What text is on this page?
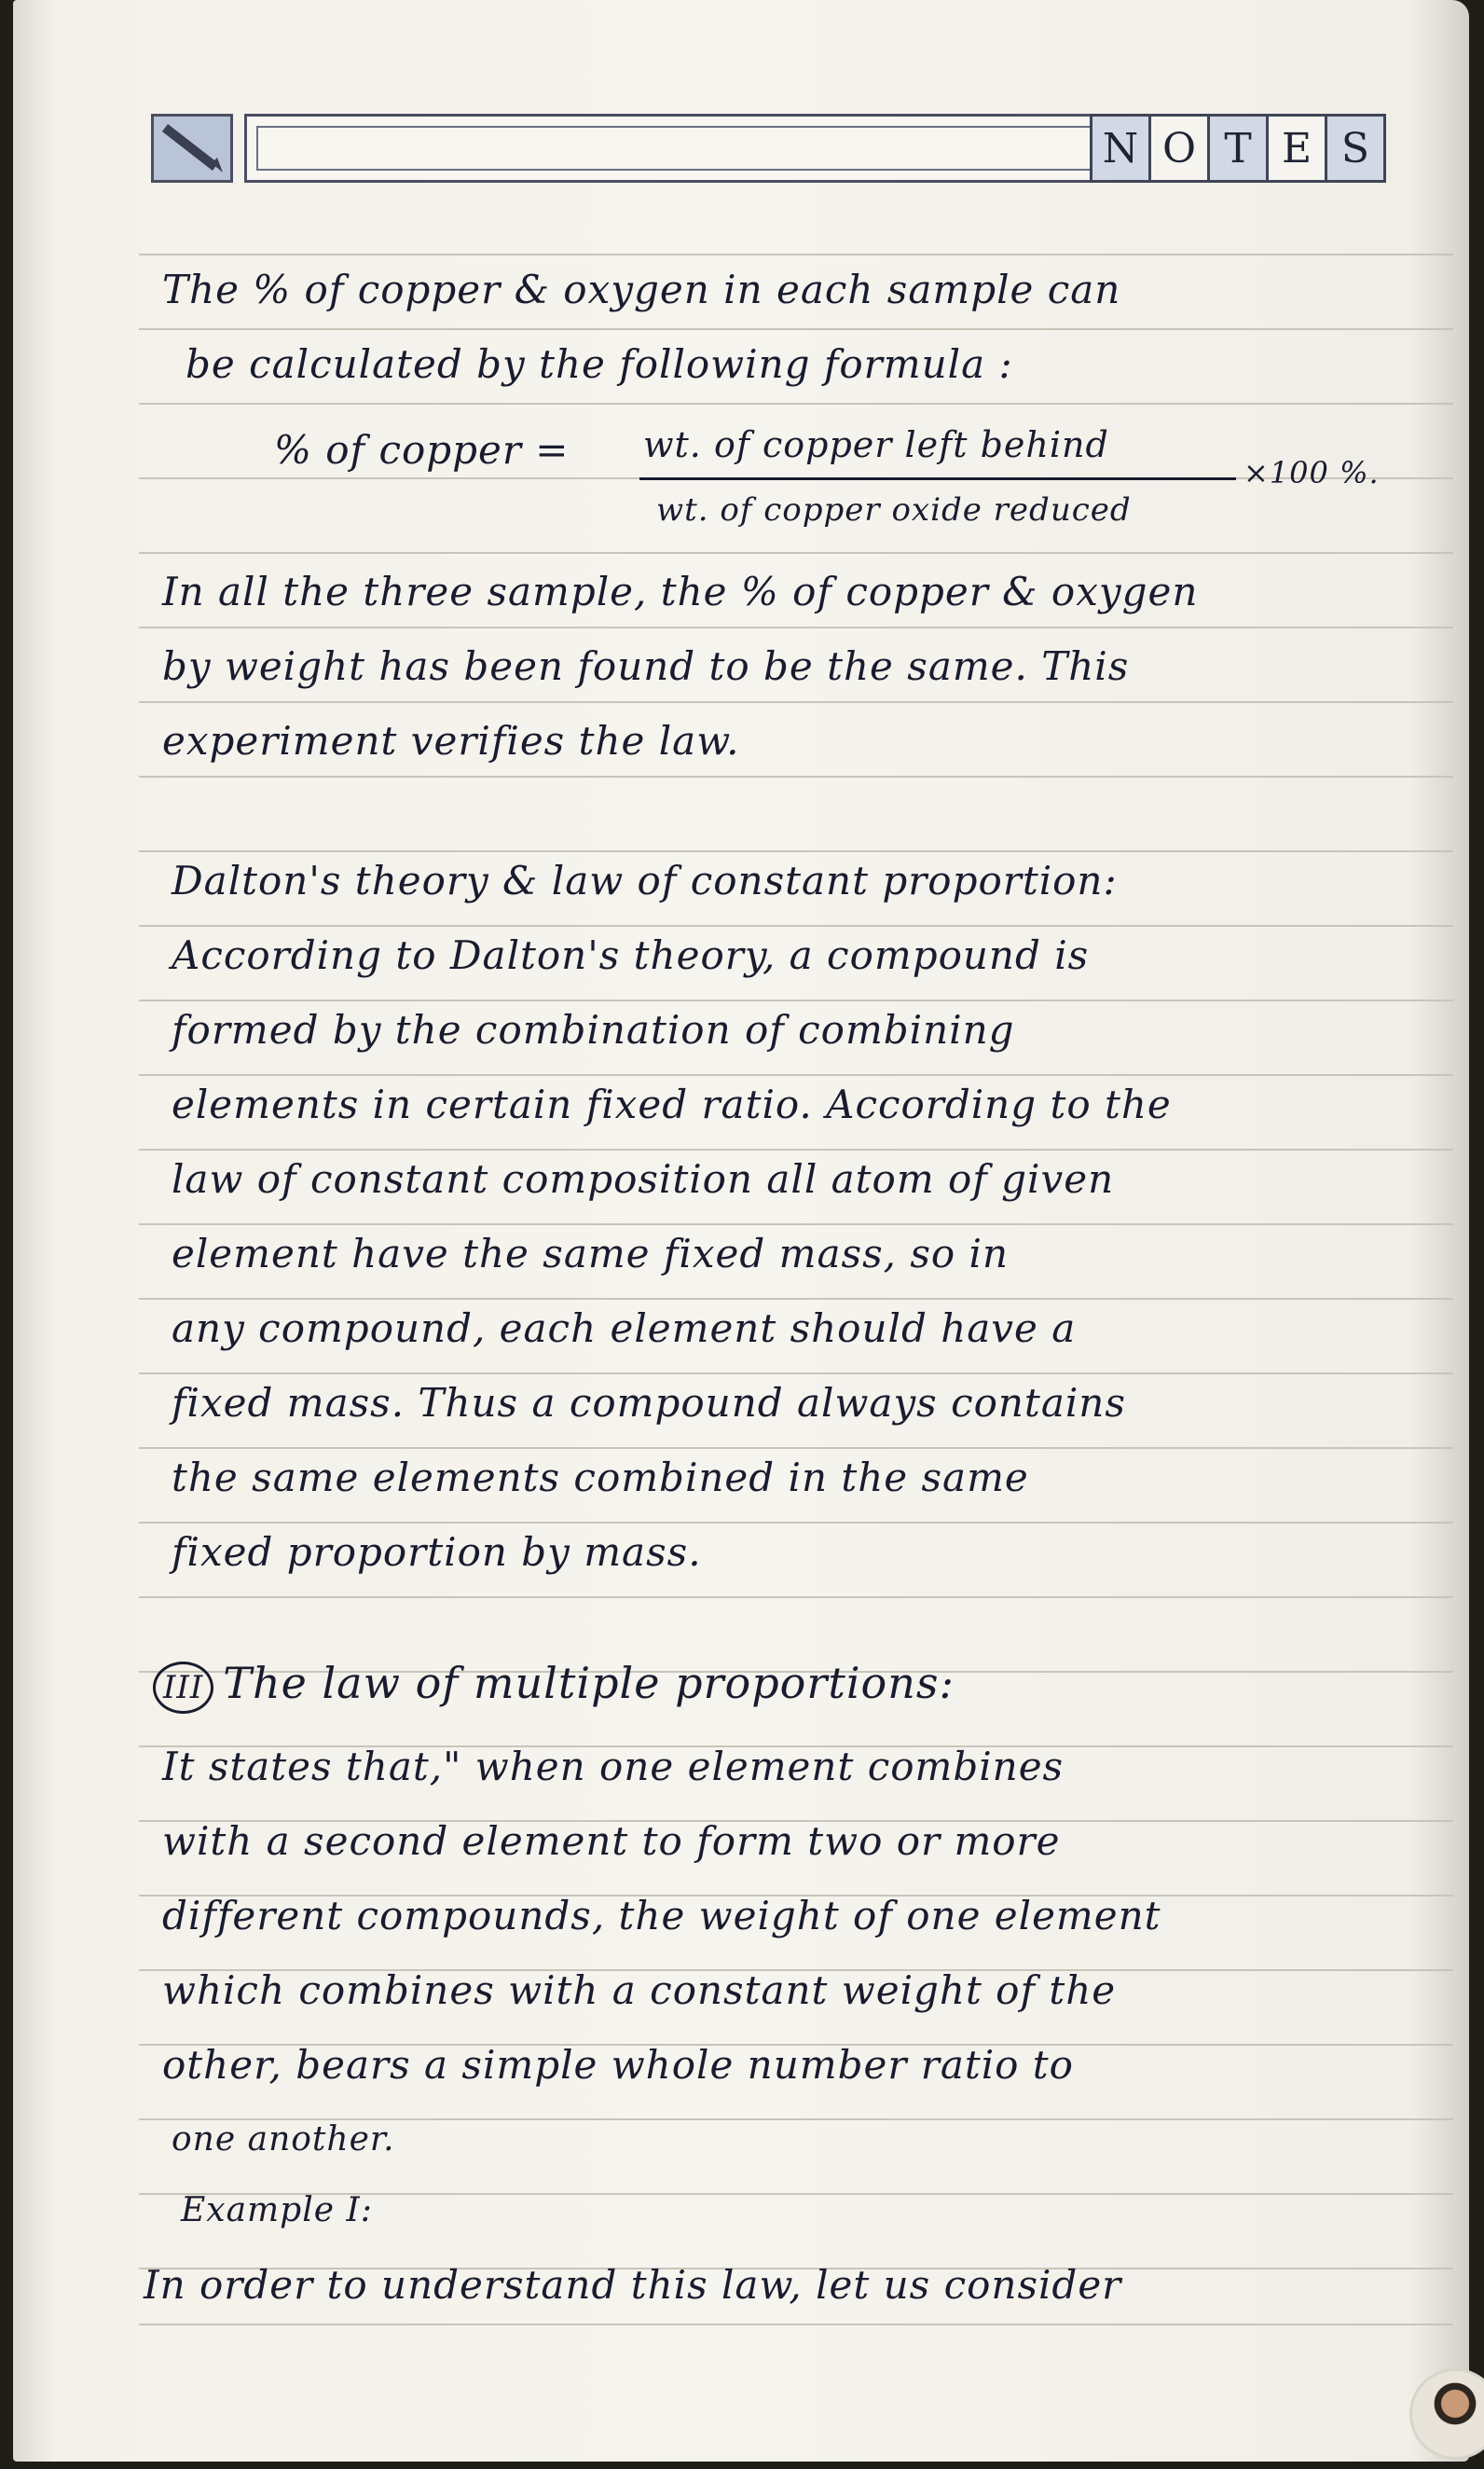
N O T E S
The % of copper & oxygen in each sample can
be calculated by the following formula :
% of copper = wt. of copper left behind
wt. of copper oxide reduced
×100 %.
In all the three sample, the % of copper & oxygen
by weight has been found to be the same. This
experiment verifies the law.
Dalton's theory & law of constant proportion:
According to Dalton's theory, a compound is
formed by the combination of combining
elements in certain fixed ratio. According to the
law of constant composition all atom of given
element have the same fixed mass, so in
any compound, each element should have a
fixed mass. Thus a compound always contains
the same elements combined in the same
fixed proportion by mass.
III The law of multiple proportions:
It states that," when one element combines
with a second element to form two or more
different compounds, the weight of one element
which combines with a constant weight of the
other, bears a simple whole number ratio to
one another.
Example I:
In order to understand this law, let us consider
